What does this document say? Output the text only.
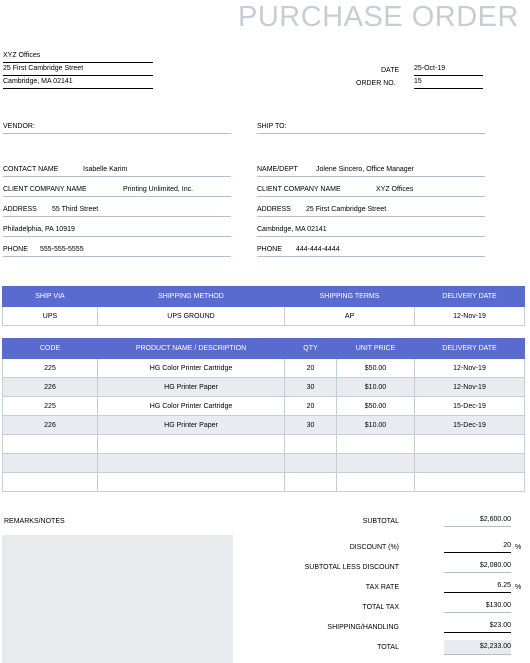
PURCHASE ORDER
XYZ Offices
25 First Cambridge Street
Cambridge, MA 02141
DATE 25-Oct-19
ORDER NO.	15
VENDOR:
CONTACT NAME	Isabelle Karim
CLIENT COMPANY NAME	Printing Unlimited, Inc.
ADDRESS 55 Third Street
Philadelphia, PA 10919
PHONE 555-555-5555
SHIP TO:
NAME/DEPT	Jolene Sincero, Office Manager
CLIENT COMPANY NAME	XYZ Offices
ADDRESS 25 First Cambridge Street
Cambridge, MA 02141
PHONE 444-444-4444
SHIP VIA	SHIPPING METHOD	SHIPPING TERMS	DELIVERY DATE
UPS	UPS GROUND	AP	12-Nov-19
CODE	PRODUCT NAME / DESCRIPTION	QTY	UNIT PRICE	DELIVERY DATE
225	HG Color Printer Cartridge	20	$50.00	12-Nov-19
226	HG Printer Paper	30	$10.00	12-Nov-19
225	HG Color Printer Cartridge	20	$50.00	15-Dec-19
226	HG Printer Paper	30	$10.00	15-Dec-19

REMARKS/NOTES	SUBTOTAL	$2,600.00
DISCOUNT (%)	20 %
SUBTOTAL LESS DISCOUNT	$2,080.00
TAX RATE	6.25 %
TOTAL TAX	$130.00
SHIPPING/HANDLING	$23.00
TOTAL	$2,233.00
